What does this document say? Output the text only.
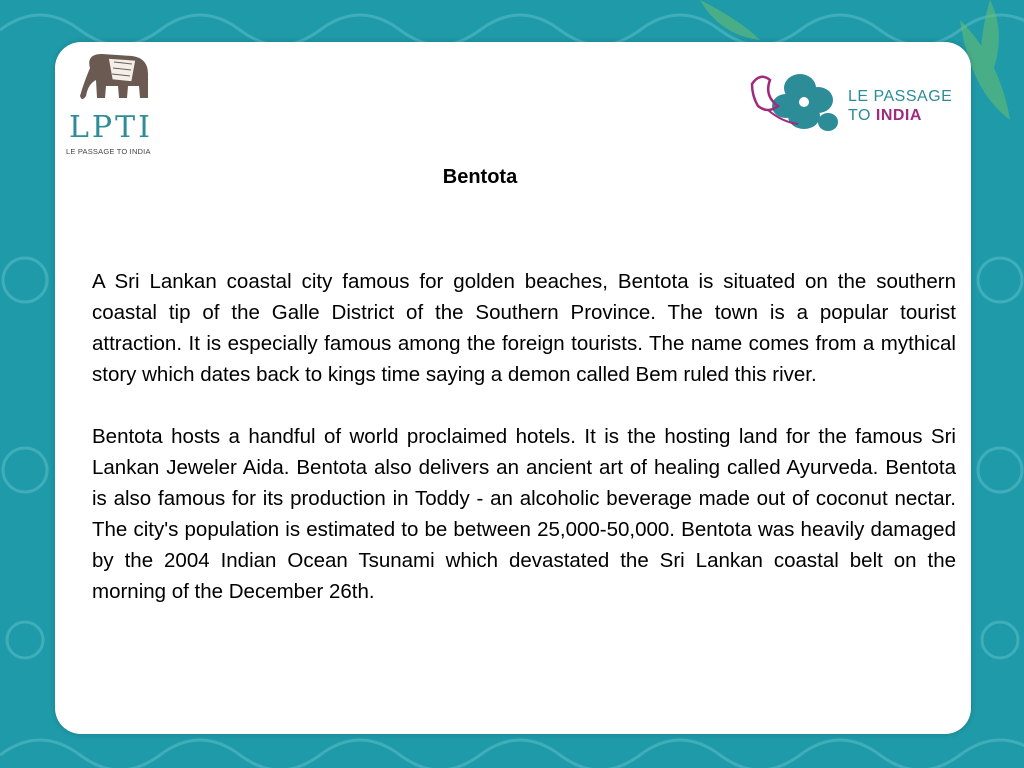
LPTI
LE PASSAGE TO INDIA
LE PASSAGE
TO INDIA
Bentota

A Sri Lankan coastal city famous for golden beaches, Bentota is situated on the southern coastal tip of the Galle District of the Southern Province. The town is a popular tourist attraction. It is especially famous among the foreign tourists. The name comes from a mythical story which dates back to kings time saying a demon called Bem ruled this river.

Bentota hosts a handful of world proclaimed hotels. It is the hosting land for the famous Sri Lankan Jeweler Aida. Bentota also delivers an ancient art of healing called Ayurveda. Bentota is also famous for its production in Toddy - an alcoholic beverage made out of coconut nectar. The city's population is estimated to be between 25,000-50,000. Bentota was heavily damaged by the 2004 Indian Ocean Tsunami which devastated the Sri Lankan coastal belt on the morning of the December 26th.
